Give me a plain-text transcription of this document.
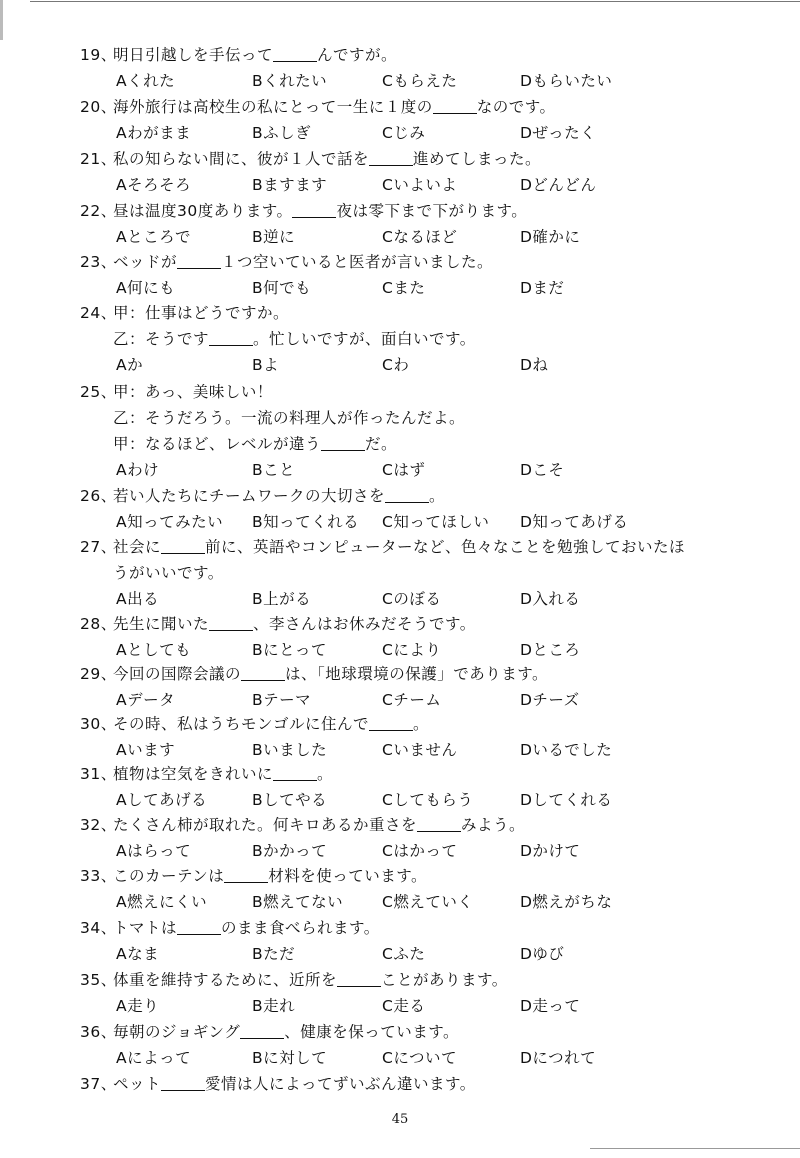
19、
明日引越しを手伝って	んですが。
Aくれた	Bくれたい	Cもらえた	Dもらいたい
20、
海外旅行は高校生の私にとって一生に１度の	なのです。
Aわがまま	Bふしぎ	Cじみ	Dぜったく
21、
私の知らない間に、彼が１人で話を	進めてしまった。
Aそろそろ	Bますます	Cいよいよ	Dどんどん
22、
昼は温度30度あります。	夜は零下まで下がります。
Aところで	B逆に	Cなるほど	D確かに
23、
ベッドが	１つ空いていると医者が言いました。
A何にも	B何でも	Cまた	Dまだ
24、
甲：仕事はどうですか。
乙：そうです	。忙しいですが、面白いです。
Aか	Bよ	Cわ	Dね
25、
甲：あっ、美味しい！
乙：そうだろう。一流の料理人が作ったんだよ。
甲：なるほど、レベルが違う	だ。
Aわけ	Bこと	Cはず	Dこそ
26、
若い人たちにチームワークの大切さを	。
A知ってみたい B知ってくれる C知ってほしい D知ってあげる
27、
社会に	前に、英語やコンピューターなど、色々なことを勉強しておいたほ
うがいいです。
A出る	B上がる	Cのぼる	D入れる
28、
先生に聞いた	、李さんはお休みだそうです。
Aとしても	Bにとって	Cにより	Dところ
29、
今回の国際会議の	は、「地球環境の保護」であります。
Aデータ	Bテーマ	Cチーム	Dチーズ
30、
その時、私はうちモンゴルに住んで	。
Aいます	Bいました	Cいません	Dいるでした
31、
植物は空気をきれいに	。
Aしてあげる	Bしてやる	Cしてもらう	Dしてくれる
32、
たくさん柿が取れた。何キロあるか重さを	みよう。
Aはらって	Bかかって	Cはかって	Dかけて
33、
このカーテンは	材料を使っています。
A燃えにくい	B燃えてない	C燃えていく	D燃えがちな
34、
トマトは	のまま食べられます。
Aなま	Bただ	Cふた	Dゆび
35、
体重を維持するために、近所を	ことがあります。
A走り	B走れ	C走る	D走って
36、
毎朝のジョギング	、健康を保っています。
Aによって	Bに対して	Cについて	Dにつれて
37、
ペット	愛情は人によってずいぶん違います。
45
